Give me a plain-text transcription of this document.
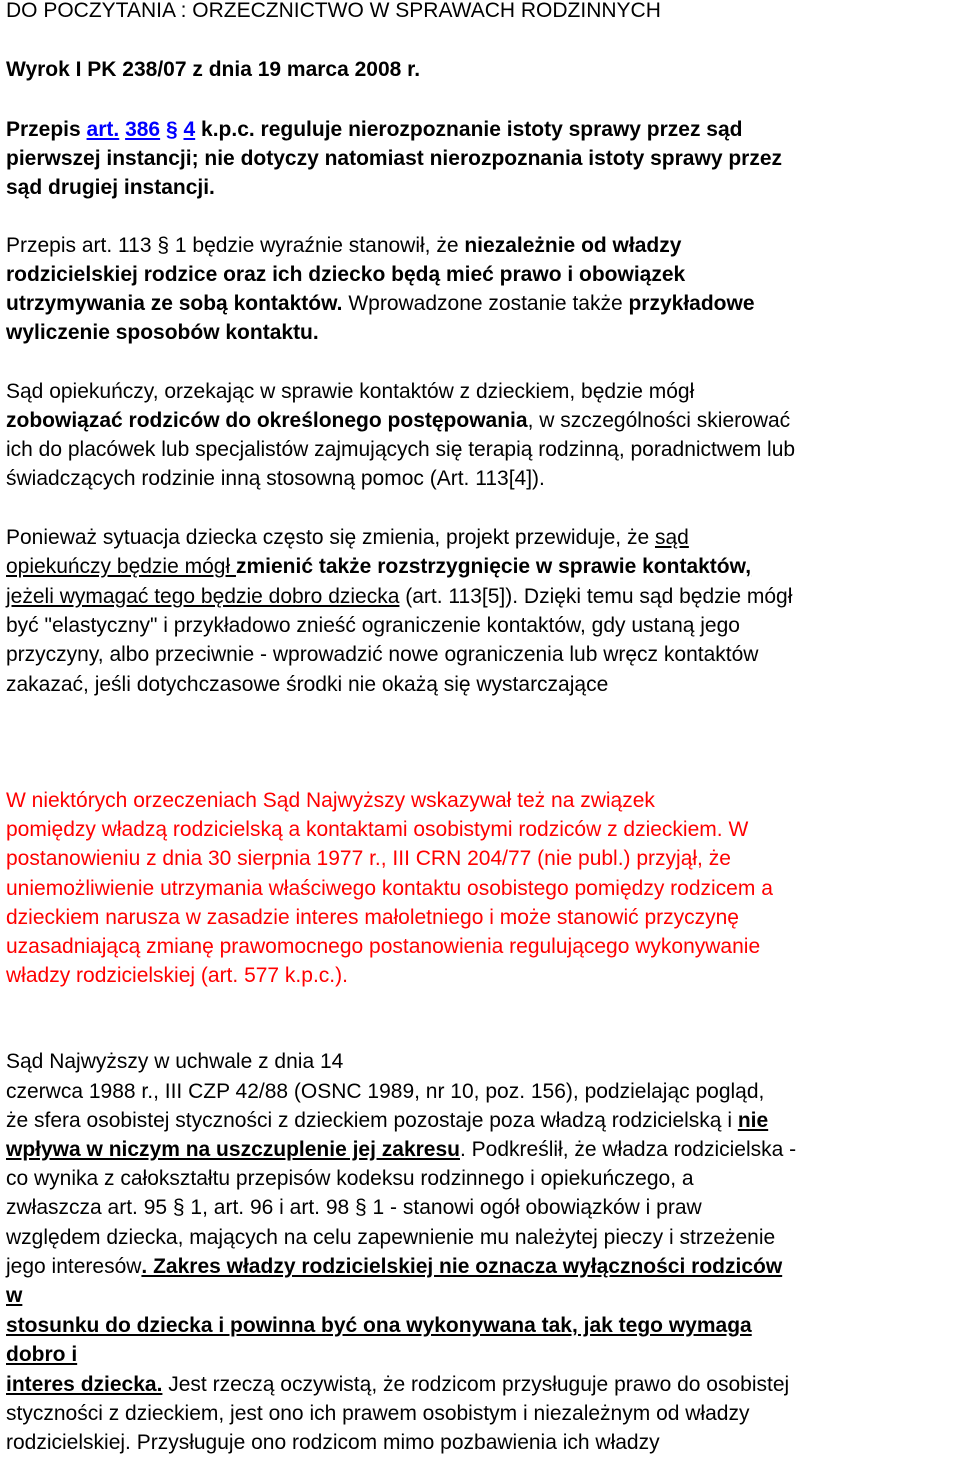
DO POCZYTANIA : ORZECZNICTWO W SPRAWACH RODZINNYCH
Wyrok I PK 238/07 z dnia 19 marca 2008 r.
Przepis art. 386 § 4 k.p.c. reguluje nierozpoznanie istoty sprawy przez sąd
pierwszej instancji; nie dotyczy natomiast nierozpoznania istoty sprawy przez
sąd drugiej instancji.
Przepis art. 113 § 1 będzie wyraźnie stanowił, że niezależnie od władzy
rodzicielskiej rodzice oraz ich dziecko będą mieć prawo i obowiązek
utrzymywania ze sobą kontaktów. Wprowadzone zostanie także przykładowe
wyliczenie sposobów kontaktu.
Sąd opiekuńczy, orzekając w sprawie kontaktów z dzieckiem, będzie mógł
zobowiązać rodziców do określonego postępowania, w szczególności skierować
ich do placówek lub specjalistów zajmujących się terapią rodzinną, poradnictwem lub
świadczących rodzinie inną stosowną pomoc (Art. 113[4]).
Ponieważ sytuacja dziecka często się zmienia, projekt przewiduje, że sąd
opiekuńczy będzie mógł zmienić także rozstrzygnięcie w sprawie kontaktów,
jeżeli wymagać tego będzie dobro dziecka (art. 113[5]). Dzięki temu sąd będzie mógł
być "elastyczny" i przykładowo znieść ograniczenie kontaktów, gdy ustaną jego
przyczyny, albo przeciwnie - wprowadzić nowe ograniczenia lub wręcz kontaktów
zakazać, jeśli dotychczasowe środki nie okażą się wystarczające
W niektórych orzeczeniach Sąd Najwyższy wskazywał też na związek
pomiędzy władzą rodzicielską a kontaktami osobistymi rodziców z dzieckiem. W
postanowieniu z dnia 30 sierpnia 1977 r., III CRN 204/77 (nie publ.) przyjął, że
uniemożliwienie utrzymania właściwego kontaktu osobistego pomiędzy rodzicem a
dzieckiem narusza w zasadzie interes małoletniego i może stanowić przyczynę
uzasadniającą zmianę prawomocnego postanowienia regulującego wykonywanie
władzy rodzicielskiej (art. 577 k.p.c.).
Sąd Najwyższy w uchwale z dnia 14
czerwca 1988 r., III CZP 42/88 (OSNC 1989, nr 10, poz. 156), podzielając pogląd,
że sfera osobistej styczności z dzieckiem pozostaje poza władzą rodzicielską i nie
wpływa w niczym na uszczuplenie jej zakresu. Podkreślił, że władza rodzicielska -
co wynika z całokształtu przepisów kodeksu rodzinnego i opiekuńczego, a
zwłaszcza art. 95 § 1, art. 96 i art. 98 § 1 - stanowi ogół obowiązków i praw
względem dziecka, mających na celu zapewnienie mu należytej pieczy i strzeżenie
jego interesów. Zakres władzy rodzicielskiej nie oznacza wyłączności rodziców
w
stosunku do dziecka i powinna być ona wykonywana tak, jak tego wymaga
dobro i
interes dziecka. Jest rzeczą oczywistą, że rodzicom przysługuje prawo do osobistej
styczności z dzieckiem, jest ono ich prawem osobistym i niezależnym od władzy
rodzicielskiej. Przysługuje ono rodzicom mimo pozbawienia ich władzy
